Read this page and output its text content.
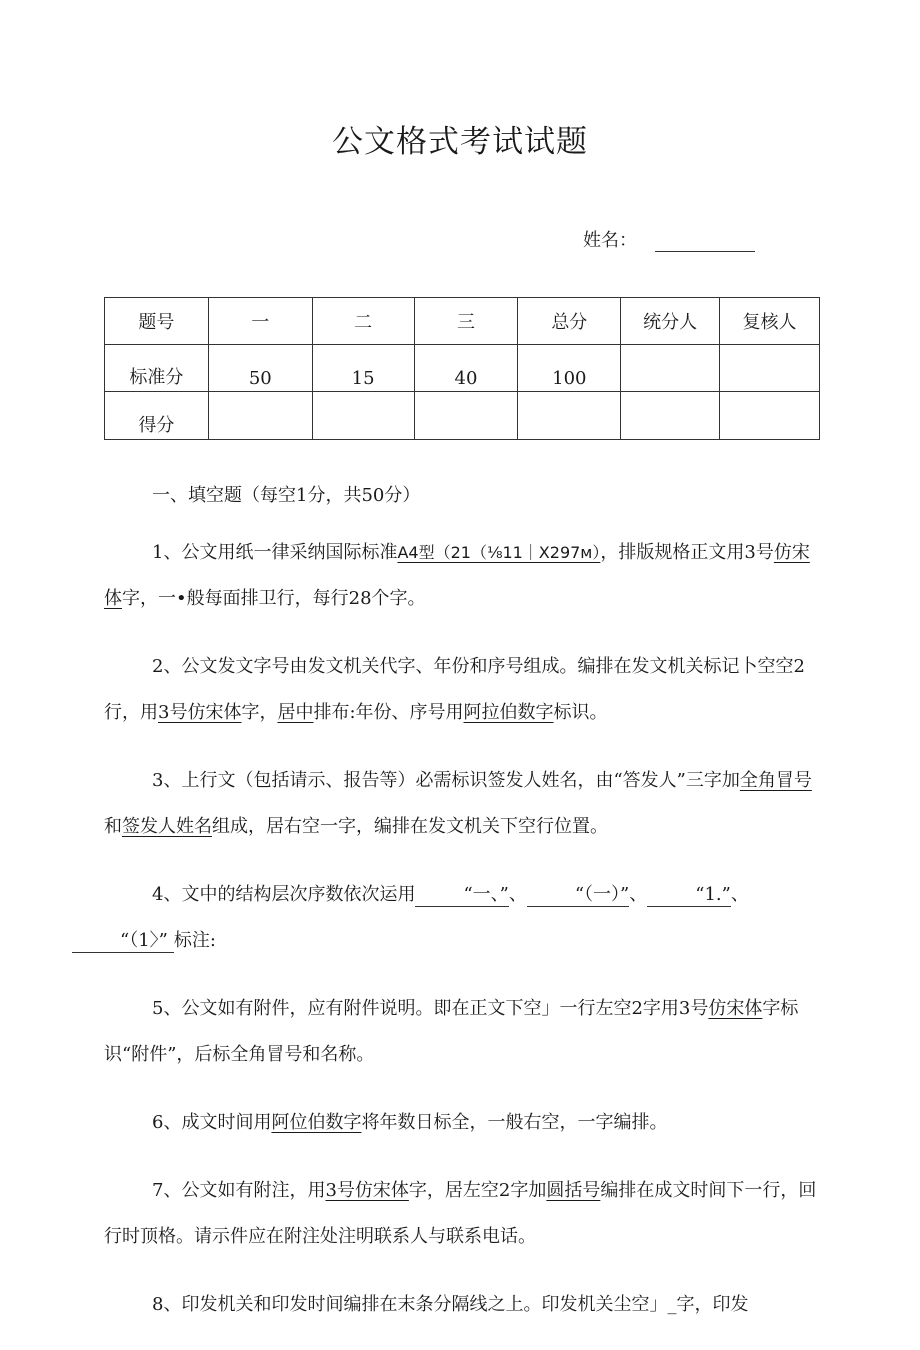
公文格式考试试题
姓名：
题号	一	二	三	总分	统分人	复核人
标准分	50	15	40	100		
得分						

一、填空题（每空1分，共50分）

1、公文用纸一律采纳国际标准A4型（21（⅛11｜X297м），排版规格正文用3号仿宋体字，一•般每面排卫行，每行28个字。

2、公文发文字号由发文机关代字、年份和序号组成。编排在发文机关标记卜空空2行，用3号仿宋体字，居中排布:年份、序号用阿拉伯数字标识。

3、上行文（包括请示、报告等）必需标识签发人姓名，由“答发人”三字加全角冒号和签发人姓名组成，居右空一字，编排在发文机关下空行位置。

4、文中的结构层次序数依次运用	“一、”、	“（一）”、	“1.”、
“（1〉” 标注:

5、公文如有附件，应有附件说明。即在正文下空」一行左空2字用3号仿宋体字标识“附件”，后标全角冒号和名称。

6、成文时间用阿位伯数字将年数日标全，一般右空，一字编排。

7、公文如有附注，用3号仿宋体字，居左空2字加圆括号编排在成文时间下一行，回行时顶格。请示件应在附注处注明联系人与联系电话。

8、印发机关和印发时间编排在末条分隔线之上。印发机关尘空」_字，印发
